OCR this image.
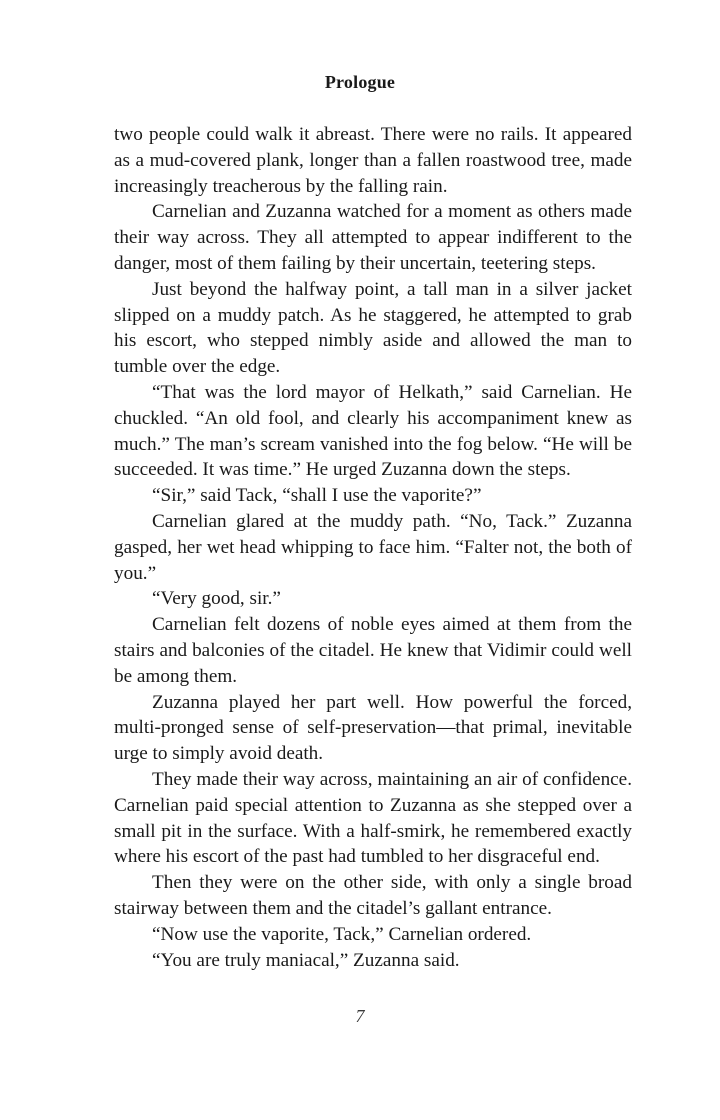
Prologue

two people could walk it abreast. There were no rails. It appeared as a mud-covered plank, longer than a fallen roastwood tree, made increasingly treacherous by the falling rain.

Carnelian and Zuzanna watched for a moment as others made their way across. They all attempted to appear indifferent to the danger, most of them failing by their uncertain, teetering steps.

Just beyond the halfway point, a tall man in a silver jacket slipped on a muddy patch. As he staggered, he attempted to grab his escort, who stepped nimbly aside and allowed the man to tumble over the edge.

“That was the lord mayor of Helkath,” said Carnelian. He chuckled. “An old fool, and clearly his accompaniment knew as much.” The man’s scream vanished into the fog below. “He will be succeeded. It was time.” He urged Zuzanna down the steps.

“Sir,” said Tack, “shall I use the vaporite?”

Carnelian glared at the muddy path. “No, Tack.” Zuzanna gasped, her wet head whipping to face him. “Falter not, the both of you.”

“Very good, sir.”

Carnelian felt dozens of noble eyes aimed at them from the stairs and balconies of the citadel. He knew that Vidimir could well be among them.

Zuzanna played her part well. How powerful the forced, multi-pronged sense of self-preservation—that primal, inevitable urge to simply avoid death.

They made their way across, maintaining an air of confidence. Carnelian paid special attention to Zuzanna as she stepped over a small pit in the surface. With a half-smirk, he remembered exactly where his escort of the past had tumbled to her disgraceful end.

Then they were on the other side, with only a single broad stairway between them and the citadel’s gallant entrance.

“Now use the vaporite, Tack,” Carnelian ordered.

“You are truly maniacal,” Zuzanna said.

7
